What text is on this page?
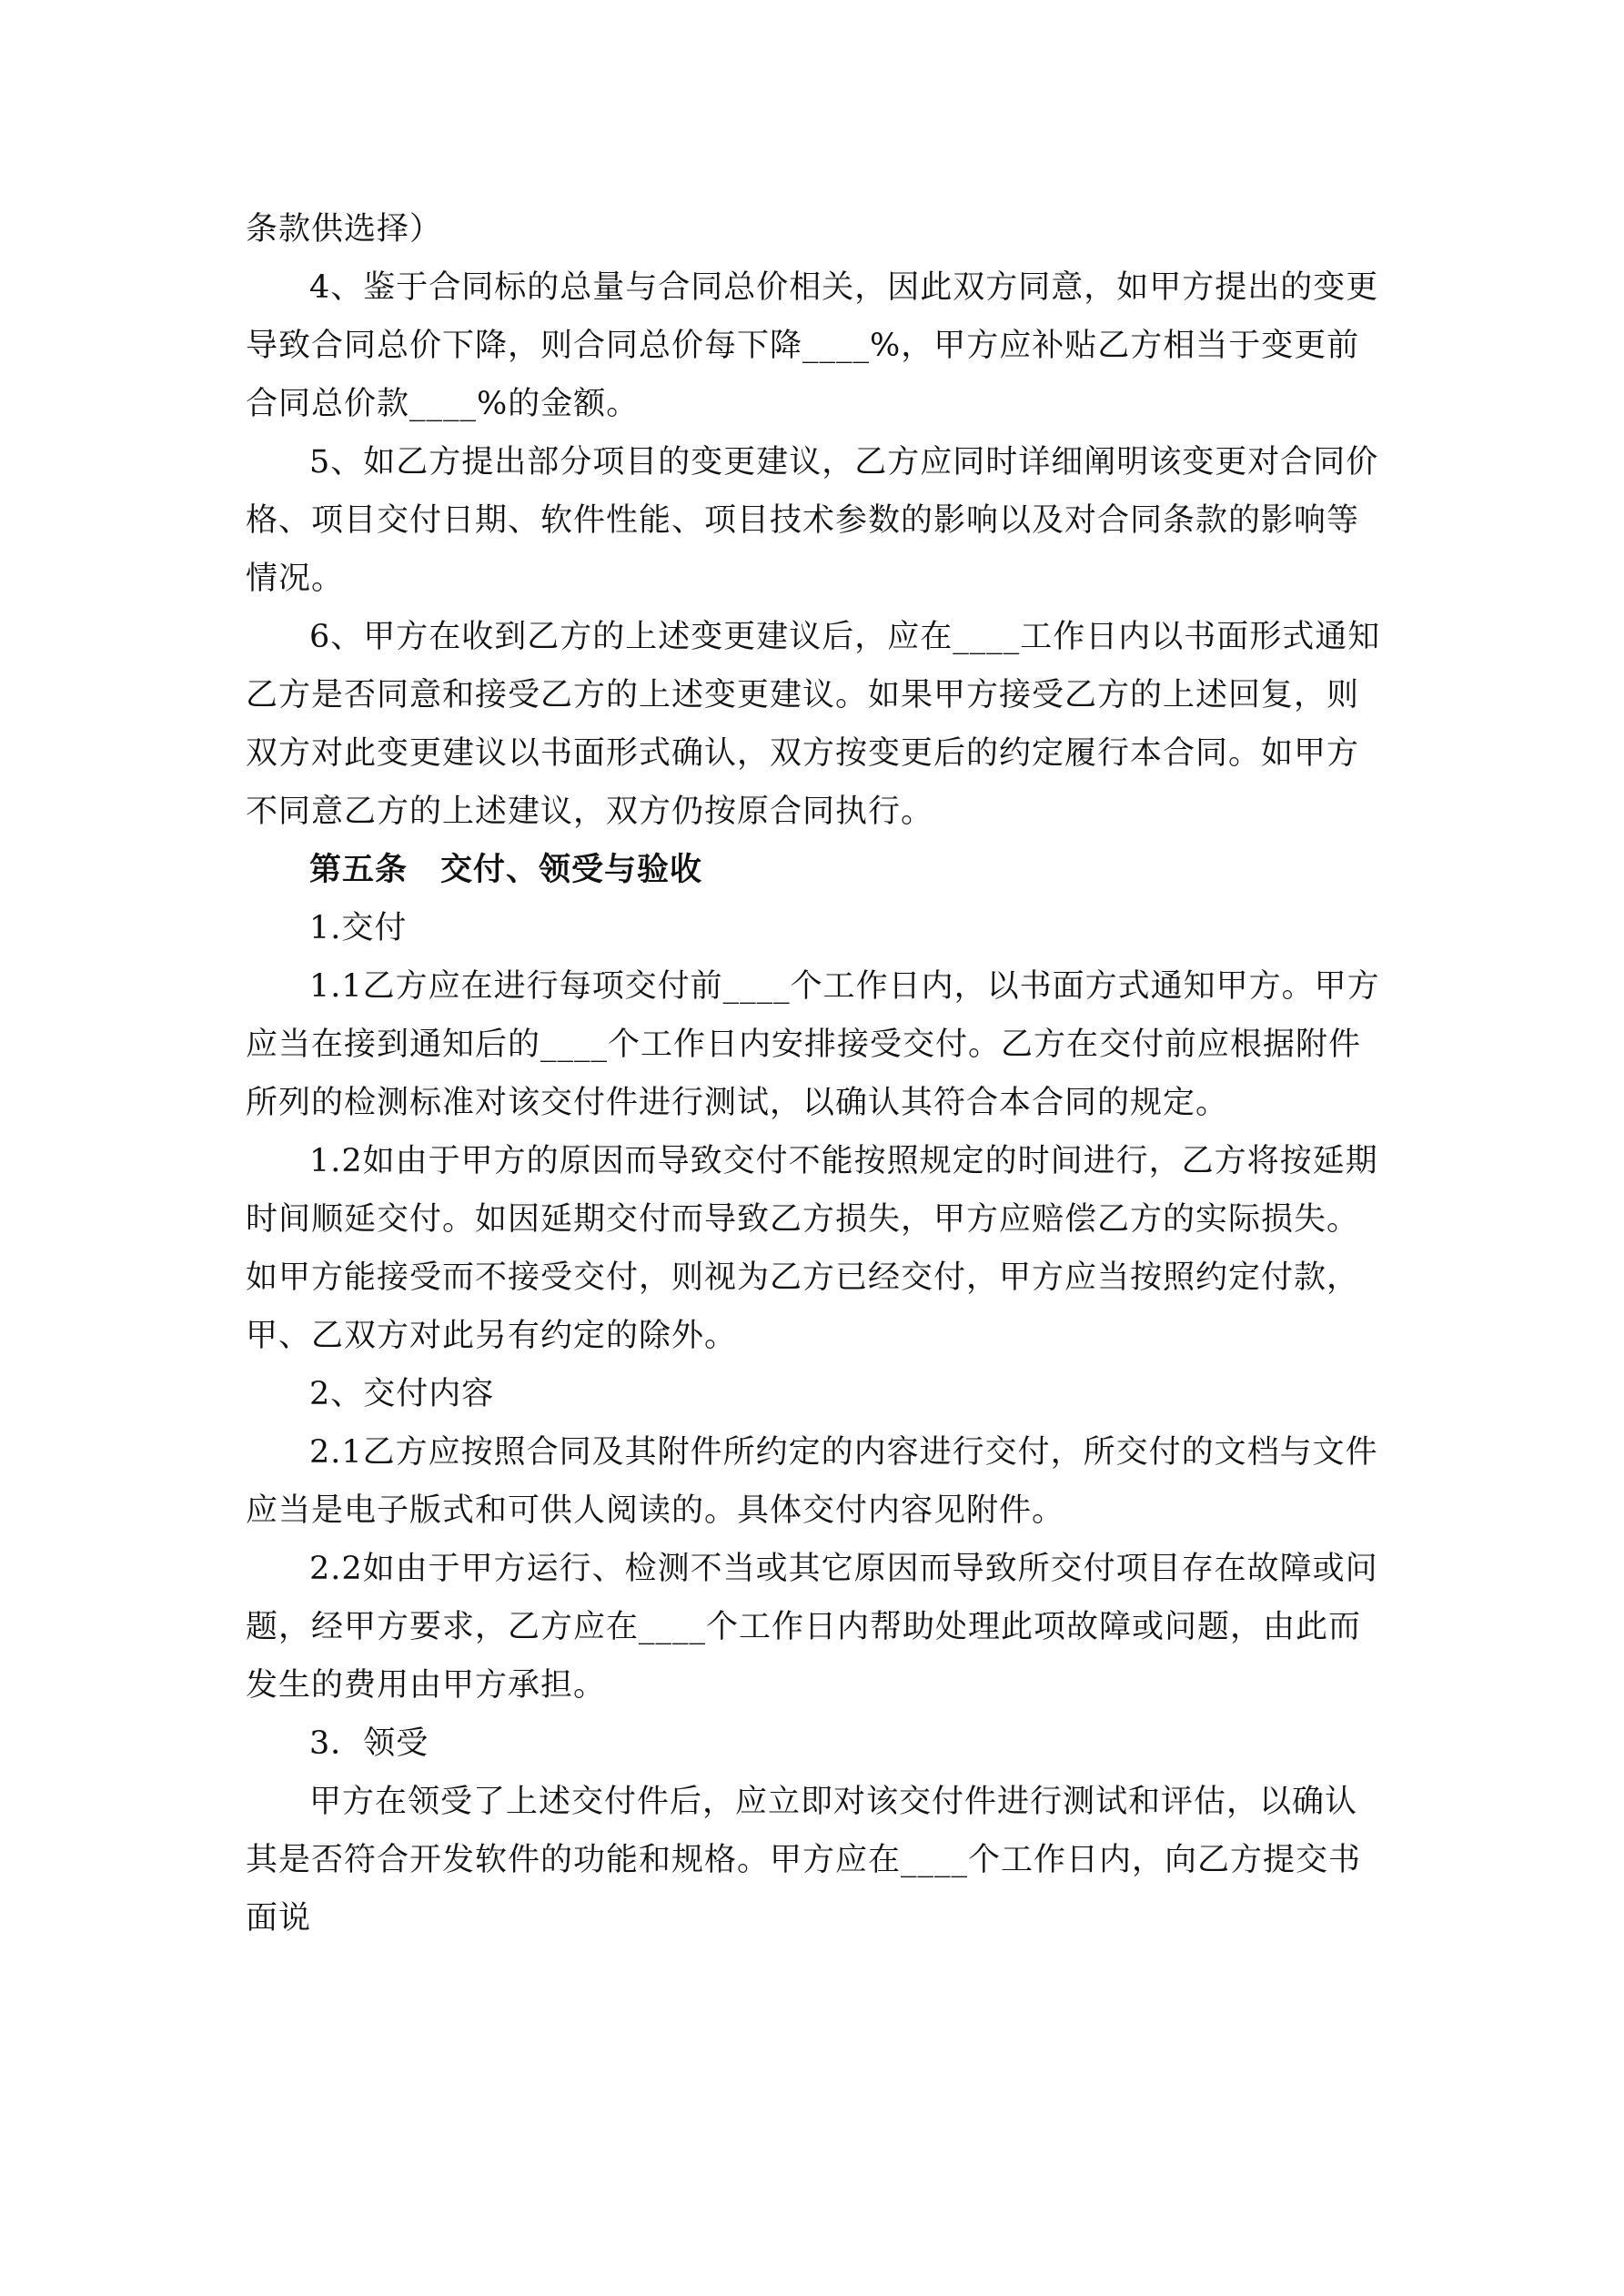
条款供选择）

4、鉴于合同标的总量与合同总价相关，因此双方同意，如甲方提出的变更导致合同总价下降，则合同总价每下降____%，甲方应补贴乙方相当于变更前合同总价款____%的金额。

5、如乙方提出部分项目的变更建议，乙方应同时详细阐明该变更对合同价格、项目交付日期、软件性能、项目技术参数的影响以及对合同条款的影响等情况。

6、甲方在收到乙方的上述变更建议后，应在____工作日内以书面形式通知乙方是否同意和接受乙方的上述变更建议。如果甲方接受乙方的上述回复，则双方对此变更建议以书面形式确认，双方按变更后的约定履行本合同。如甲方不同意乙方的上述建议，双方仍按原合同执行。

第五条　交付、领受与验收

1.交付

1.1乙方应在进行每项交付前____个工作日内，以书面方式通知甲方。甲方应当在接到通知后的____个工作日内安排接受交付。乙方在交付前应根据附件所列的检测标准对该交付件进行测试，以确认其符合本合同的规定。

1.2如由于甲方的原因而导致交付不能按照规定的时间进行，乙方将按延期时间顺延交付。如因延期交付而导致乙方损失，甲方应赔偿乙方的实际损失。如甲方能接受而不接受交付，则视为乙方已经交付，甲方应当按照约定付款，甲、乙双方对此另有约定的除外。

2、交付内容

2.1乙方应按照合同及其附件所约定的内容进行交付，所交付的文档与文件应当是电子版式和可供人阅读的。具体交付内容见附件。

2.2如由于甲方运行、检测不当或其它原因而导致所交付项目存在故障或问题，经甲方要求，乙方应在____个工作日内帮助处理此项故障或问题，由此而发生的费用由甲方承担。

3．领受

甲方在领受了上述交付件后，应立即对该交付件进行测试和评估，以确认其是否符合开发软件的功能和规格。甲方应在____个工作日内，向乙方提交书面说
